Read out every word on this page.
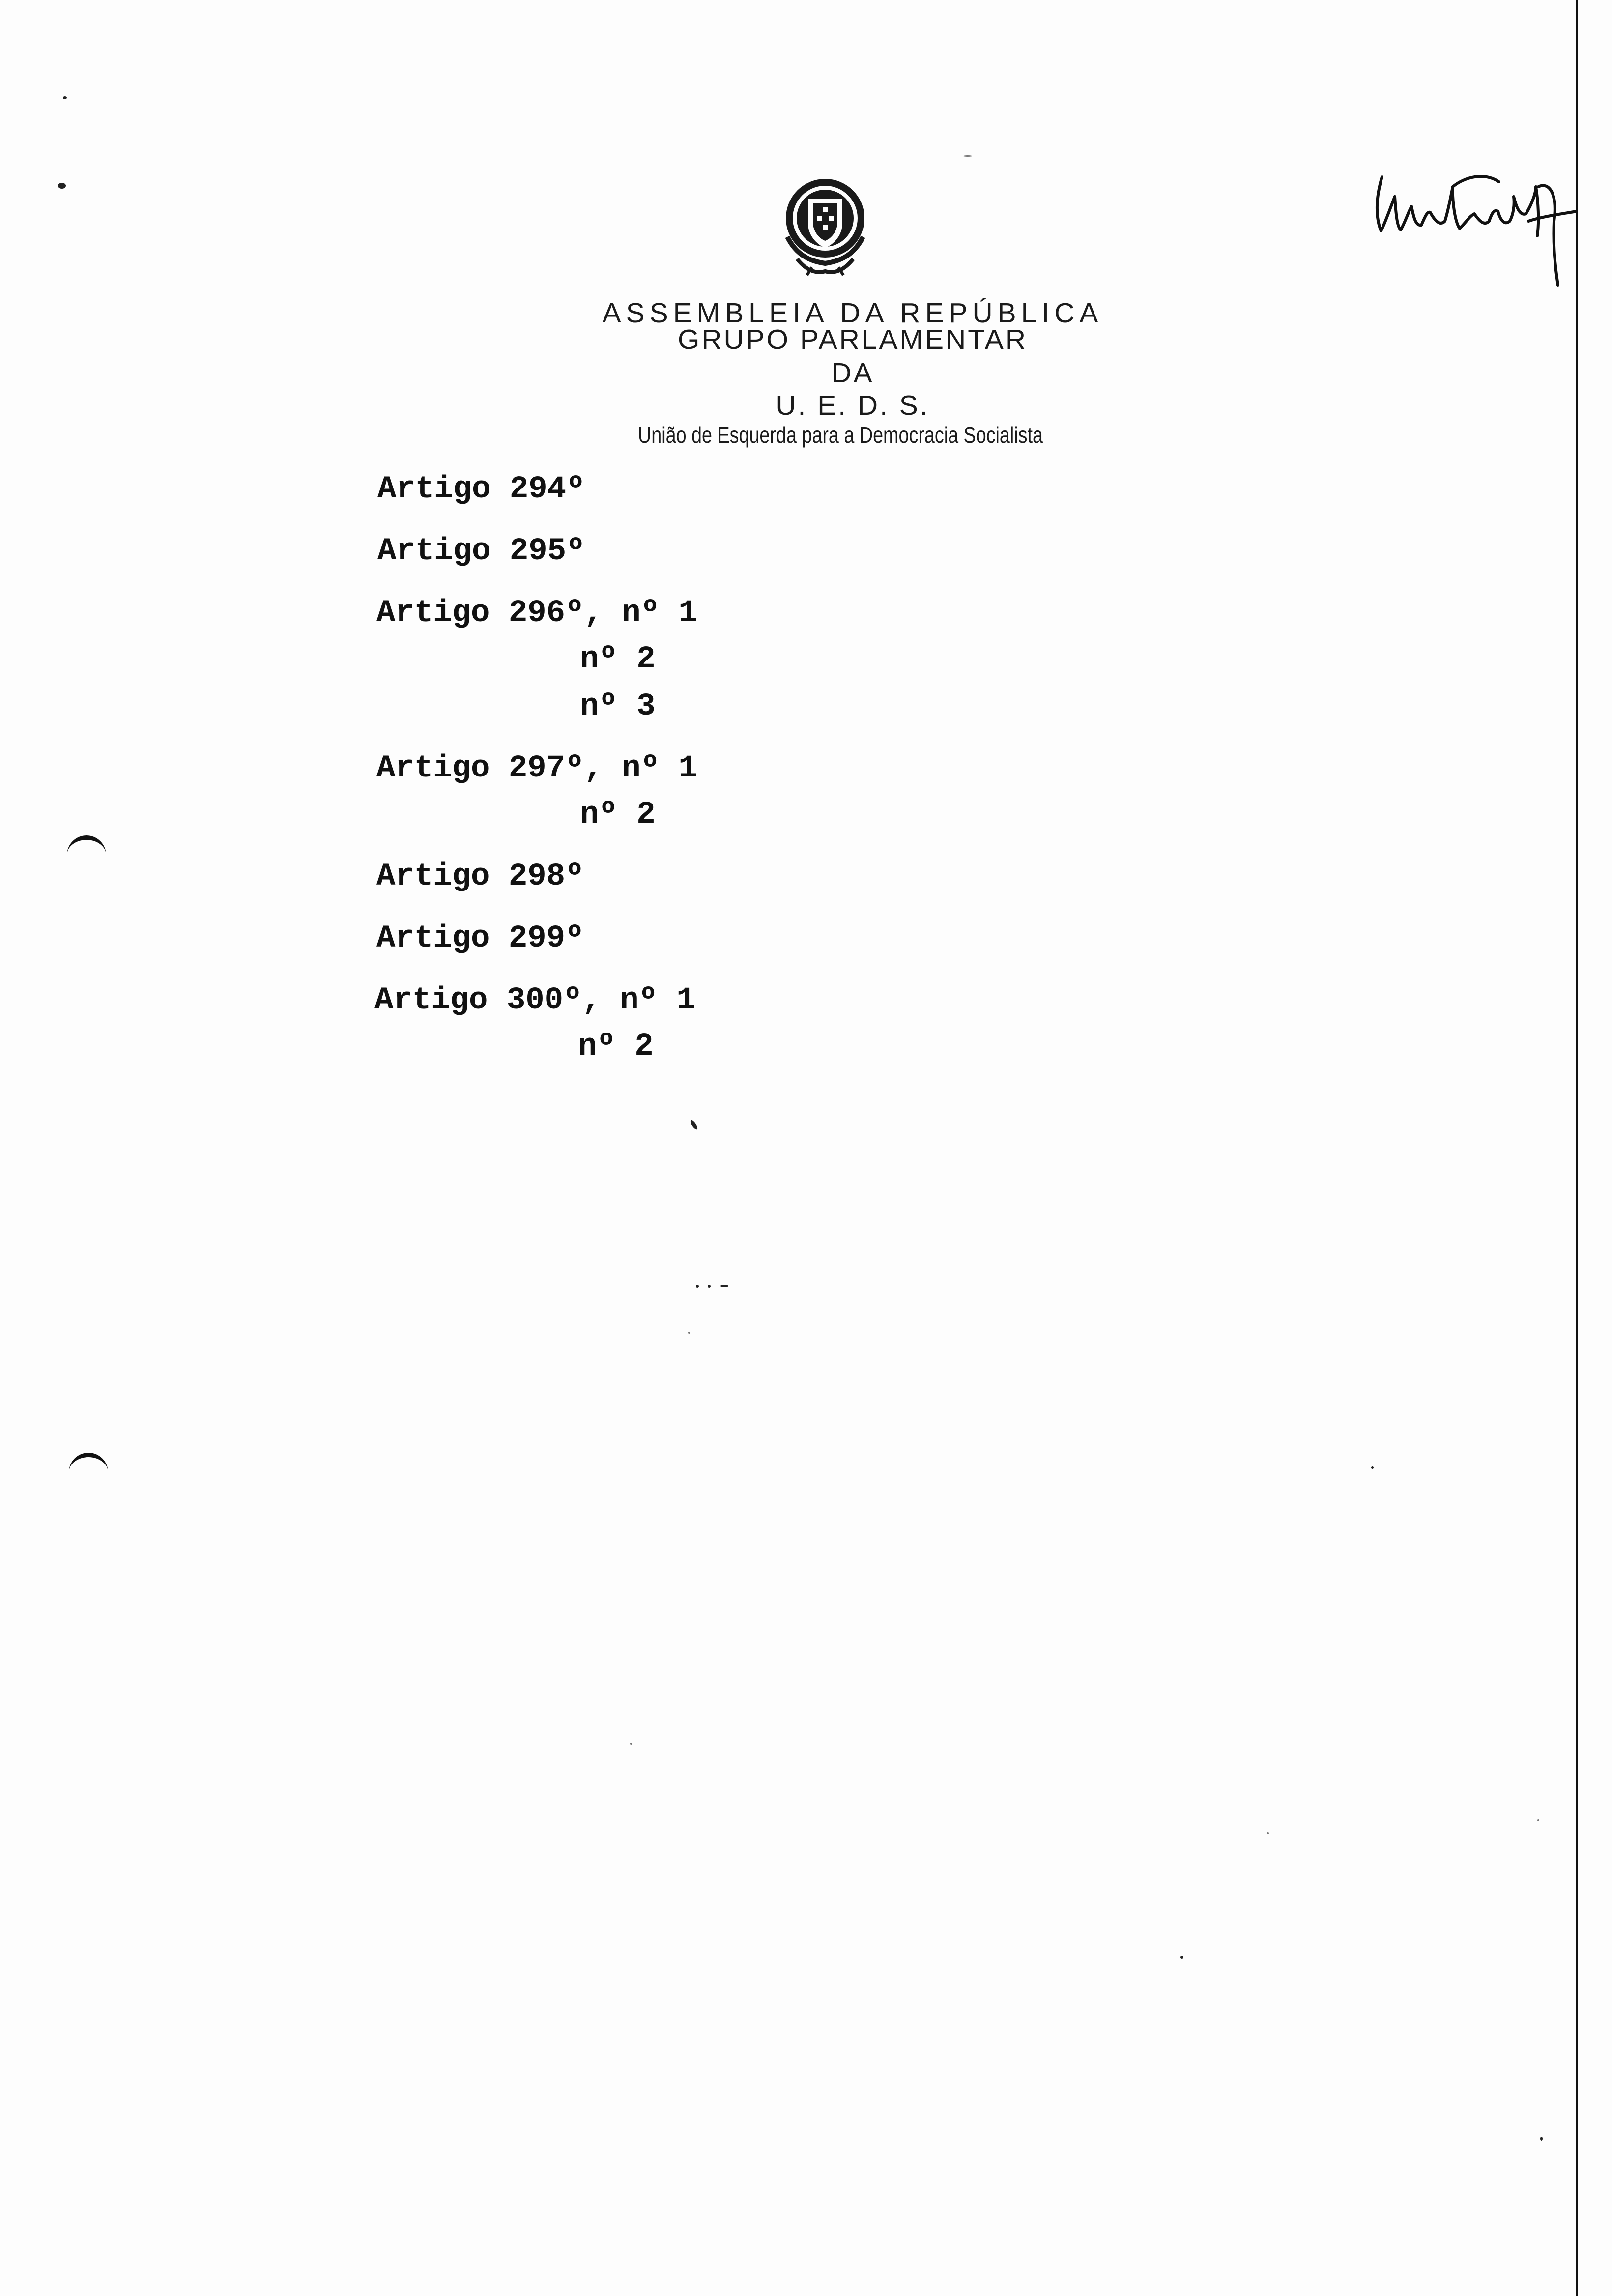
ASSEMBLEIA DA REPÚBLICA
GRUPO PARLAMENTAR
DA
U. E. D. S.
União de Esquerda para a Democracia Socialista
Artigo 294º
Artigo 295º
Artigo 296º, nº 1
nº 2
nº 3
Artigo 297º, nº 1
nº 2
Artigo 298º
Artigo 299º
Artigo 300º, nº 1
nº 2
